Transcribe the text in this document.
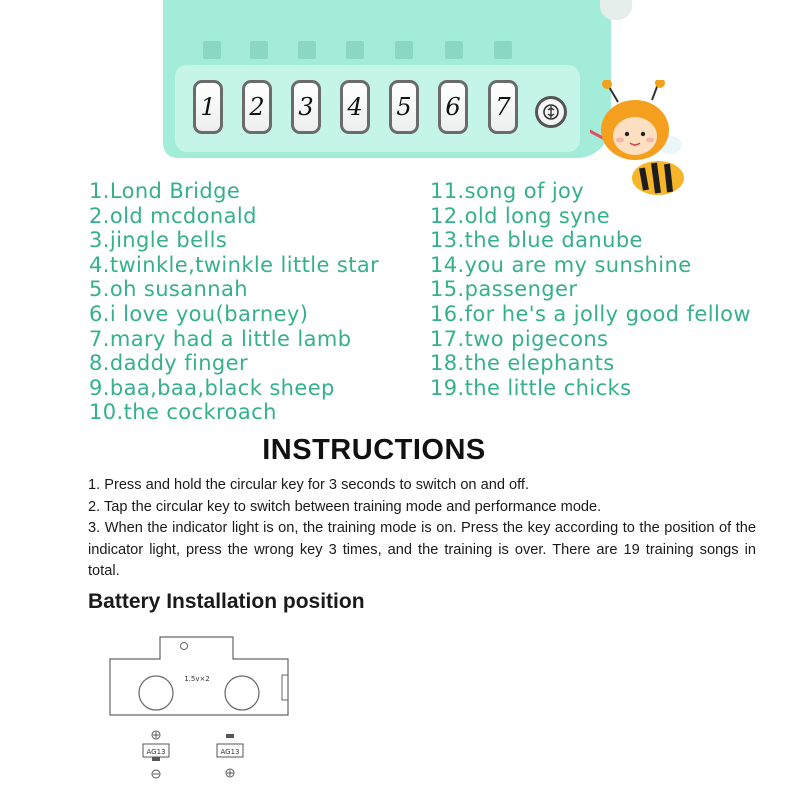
1	2	3	4	5	6	7
1.Lond Bridge
2.old mcdonald
3.jingle bells
4.twinkle,twinkle little star
5.oh susannah
6.i love you(barney)
7.mary had a little lamb
8.daddy finger
9.baa,baa,black sheep
10.the cockroach
11.song of joy
12.old long syne
13.the blue danube
14.you are my sunshine
15.passenger
16.for he's a jolly good fellow
17.two pigecons
18.the elephants
19.the little chicks
INSTRUCTIONS

1. Press and hold the circular key for 3 seconds to switch on and off.

2. Tap the circular key to switch between training mode and performance mode.

3. When the indicator light is on, the training mode is on. Press the key according to the position of the indicator light, press the wrong key 3 times, and the training is over. There are 19 training songs in total.

Battery Installation position
1.5v×2
AG13	AG13
